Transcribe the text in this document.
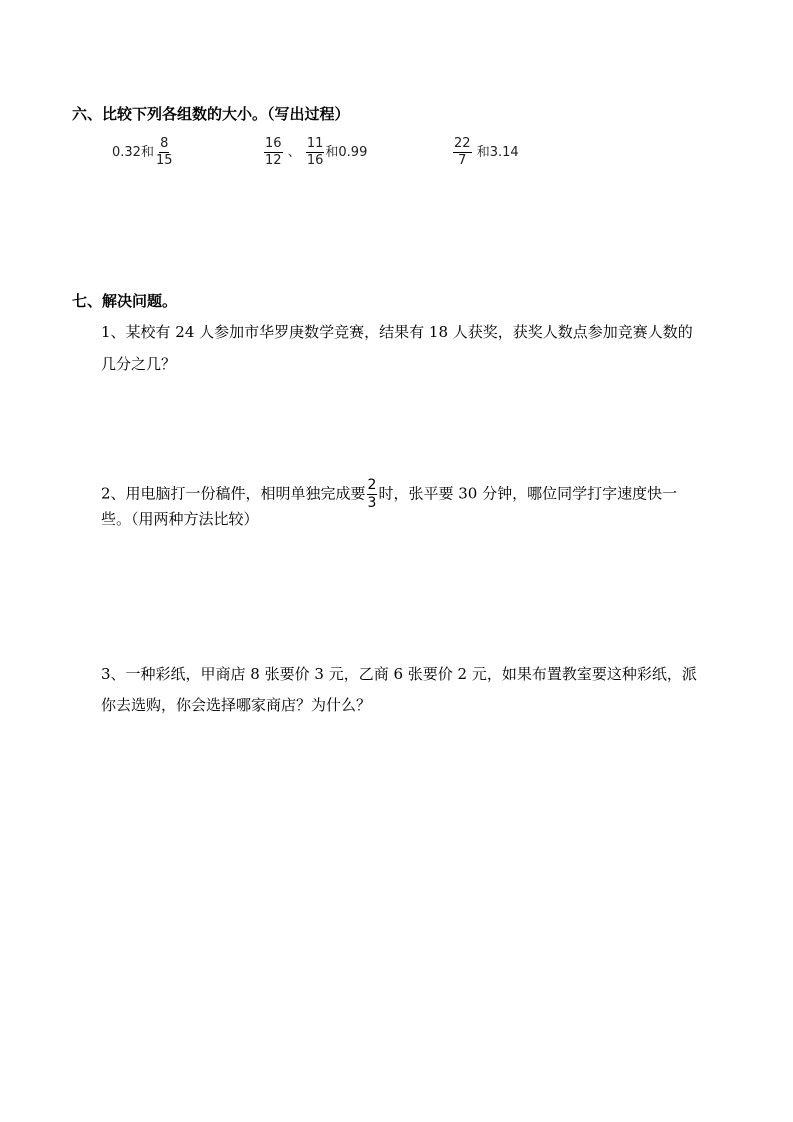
六、比较下列各组数的大小。（写出过程）
0.32和 $\frac{8}{15}$	$\frac{16}{12}$ 、 $\frac{11}{16}$ 和0.99	$\frac{22}{7}$ 和3.14
七、解决问题。
1、某校有 24 人参加市华罗庚数学竞赛，结果有 18 人获奖，获奖人数点参加竞赛人数的
几分之几？
2、用电脑打一份稿件，相明单独完成要 $\frac{2}{3}$ 时，张平要 30 分钟，哪位同学打字速度快一
些。（用两种方法比较）
3、一种彩纸，甲商店 8 张要价 3 元，乙商 6 张要价 2 元，如果布置教室要这种彩纸，派
你去选购，你会选择哪家商店？为什么？
